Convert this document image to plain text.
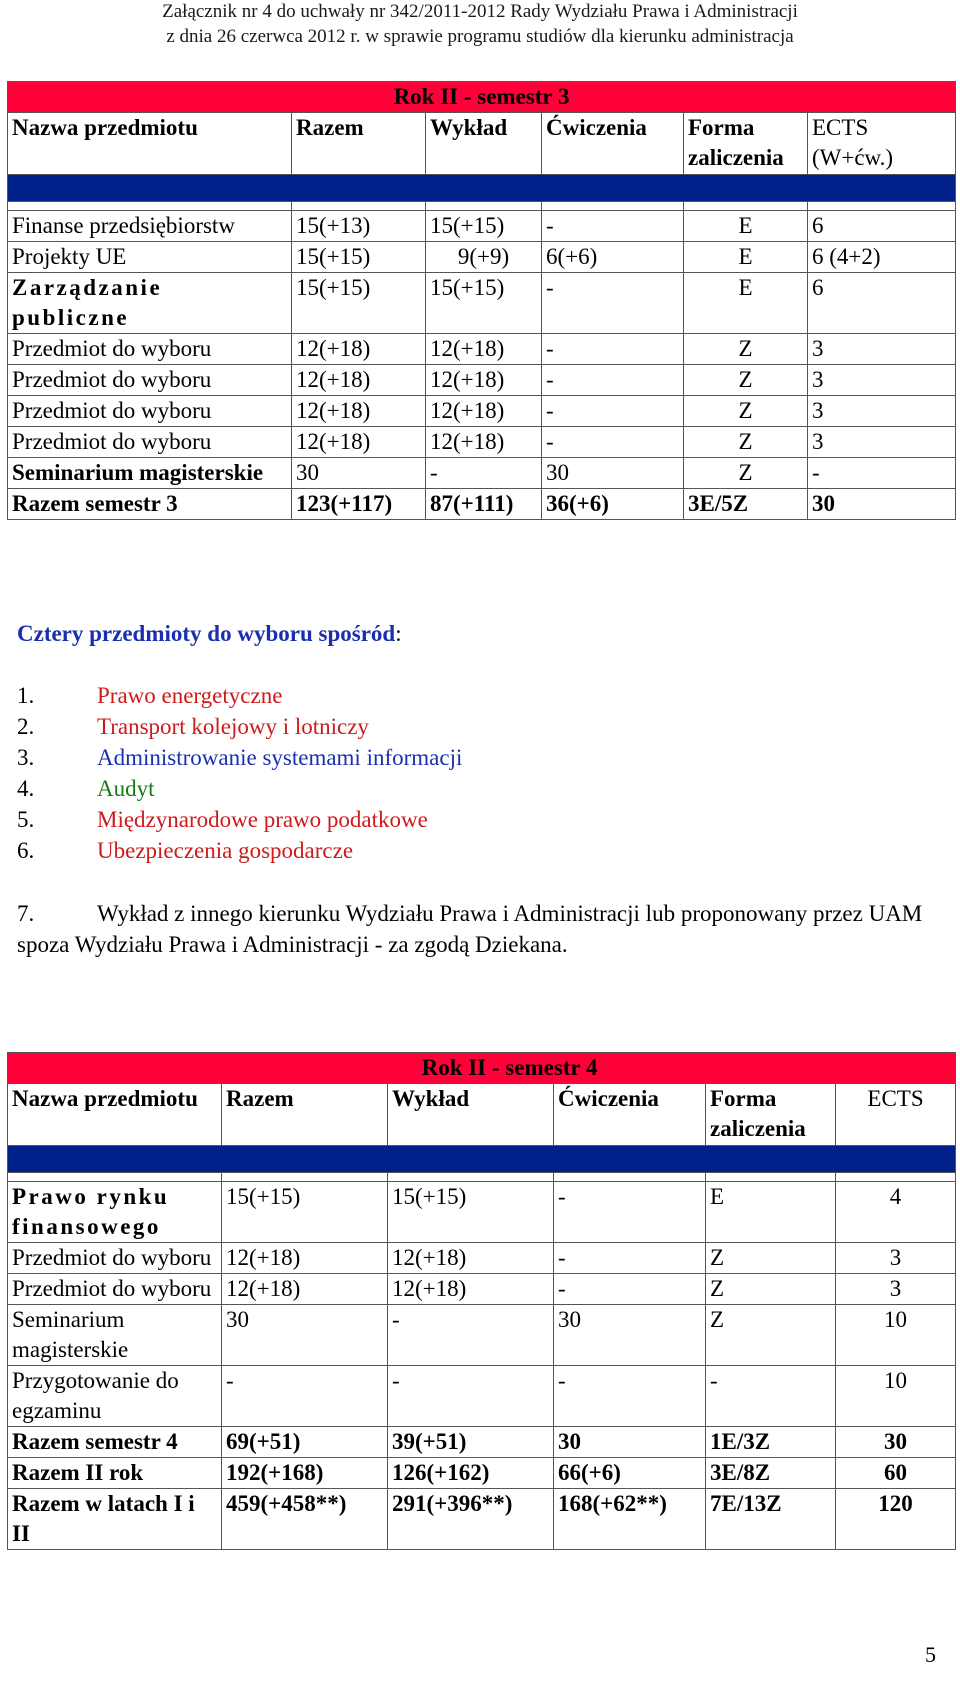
Załącznik nr 4 do uchwały nr 342/2011-2012 Rady Wydziału Prawa i Administracji
z dnia 26 czerwca 2012 r. w sprawie programu studiów dla kierunku administracja
Rok II - semestr 3					
Nazwa przedmiotu	Razem	Wykład	Ćwiczenia	Forma zaliczenia	ECTS (W+ćw.)

Finanse przedsiębiorstw	15(+13)	15(+15)	-	E	6
Projekty UE	15(+15)	9(+9)	6(+6)	E	6 (4+2)
Zarządzanie publiczne	15(+15)	15(+15)	-	E	6
Przedmiot do wyboru	12(+18)	12(+18)	-	Z	3
Przedmiot do wyboru	12(+18)	12(+18)	-	Z	3
Przedmiot do wyboru	12(+18)	12(+18)	-	Z	3
Przedmiot do wyboru	12(+18)	12(+18)	-	Z	3
Seminarium magisterskie	30	-	30	Z	-
Razem semestr 3	123(+117)	87(+111)	36(+6)	3E/5Z	30
Cztery przedmioty do wyboru spośród:
1.	Prawo energetyczne
2.	Transport kolejowy i lotniczy
3.	Administrowanie systemami informacji
4.	Audyt
5.	Międzynarodowe prawo podatkowe
6.	Ubezpieczenia gospodarcze
7.	Wykład z innego kierunku Wydziału Prawa i Administracji lub proponowany przez UAM spoza Wydziału Prawa i Administracji - za zgodą Dziekana.
Rok II - semestr 4					
Nazwa przedmiotu	Razem	Wykład	Ćwiczenia	Forma zaliczenia	ECTS

Prawo rynku finansowego	15(+15)	15(+15)	-	E	4
Przedmiot do wyboru	12(+18)	12(+18)	-	Z	3
Przedmiot do wyboru	12(+18)	12(+18)	-	Z	3
Seminarium magisterskie	30	-	30	Z	10
Przygotowanie do egzaminu	-	-	-	-	10
Razem semestr 4	69(+51)	39(+51)	30	1E/3Z	30
Razem II rok	192(+168)	126(+162)	66(+6)	3E/8Z	60
Razem w latach I i II	459(+458**)	291(+396**)	168(+62**)	7E/13Z	120
5
